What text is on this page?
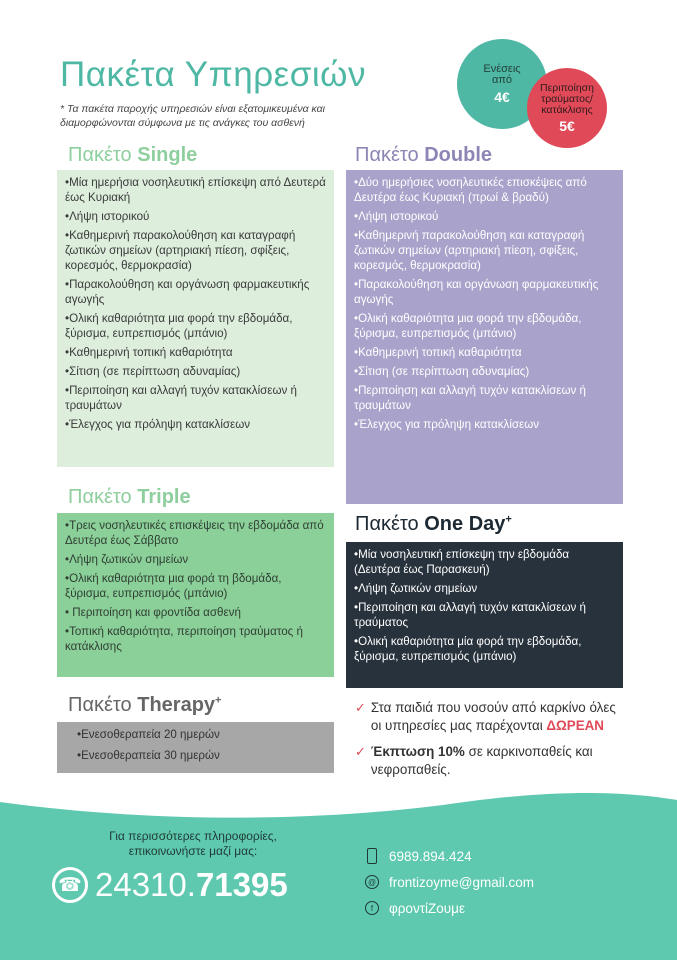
Πακέτα Υπηρεσιών

* Τα πακέτα παροχής υπηρεσιών είναι εξατομικευμένα και διαμορφώνονται σύμφωνα με τις ανάγκες του ασθενή

Ενέσεις
από
4€
Περιποίηση
τραύματος/
κατάκλισης
5€
Πακέτο Single
• Μία ημερήσια νοσηλευτική επίσκεψη από Δευτερά έως Κυριακή
• Λήψη ιστορικού
• Καθημερινή παρακολούθηση και καταγραφή ζωτικών σημείων (αρτηριακή πίεση, σφίξεις, κορεσμός, θερμοκρασία)
• Παρακολούθηση και οργάνωση φαρμακευτικής αγωγής
• Ολική καθαριότητα μια φορά την εβδομάδα, ξύρισμα, ευπρεπισμός (μπάνιο)
• Καθημερινή τοπική καθαριότητα
• Σίτιση (σε περίπτωση αδυναμίας)
• Περιποίηση και αλλαγή τυχόν κατακλίσεων ή τραυμάτων
• Έλεγχος για πρόληψη κατακλίσεων
Πακέτο Double
• Δύο ημερήσιες νοσηλευτικές επισκέψεις από Δευτέρα έως Κυριακή (πρωί & βραδύ)
• Λήψη ιστορικού
• Καθημερινή παρακολούθηση και καταγραφή ζωτικών σημείων (αρτηριακή πίεση, σφίξεις, κορεσμός, θερμοκρασία)
• Παρακολούθηση και οργάνωση φαρμακευτικής αγωγής
• Ολική καθαριότητα μια φορά την εβδομάδα, ξύρισμα, ευπρεπισμός (μπάνιο)
• Καθημερινή τοπική καθαριότητα
• Σίτιση (σε περίπτωση αδυναμίας)
• Περιποίηση και αλλαγή τυχόν κατακλίσεων ή τραυμάτων
• Έλεγχος για πρόληψη κατακλίσεων
Πακέτο Triple
• Τρεις νοσηλευτικές επισκέψεις την εβδομάδα από Δευτέρα έως Σάββατο
• Λήψη ζωτικών σημείων
• Ολική καθαριότητα μια φορά τη βδομάδα, ξύρισμα, ευπρεπισμός (μπάνιο)
• Περιποίηση και φροντίδα ασθενή
• Τοπική καθαριότητα, περιποίηση τραύματος ή κατάκλισης
Πακέτο One Day+
• Μία νοσηλευτική επίσκεψη την εβδομάδα (Δευτέρα έως Παρασκευή)
• Λήψη ζωτικών σημείων
• Περιποίηση και αλλαγή τυχόν κατακλίσεων ή τραύματος
• Ολική καθαριότητα μία φορά την εβδομάδα, ξύρισμα, ευπρεπισμός (μπάνιο)
Πακέτο Therapy+
• Ενεσοθεραπεία 20 ημερών
• Ενεσοθεραπεία 30 ημερών
✓ Στα παιδιά που νοσούν από καρκίνο όλες οι υπηρεσίες μας παρέχονται ΔΩΡΕΑΝ
✓ Έκπτωση 10% σε καρκινοπαθείς και νεφροπαθείς.
Για περισσότερες πληροφορίες,
επικοινωνήστε μαζί μας:
☎ 24310.71395
6989.894.424
@ frontizoyme@gmail.com
f	φροντίΖουμε
